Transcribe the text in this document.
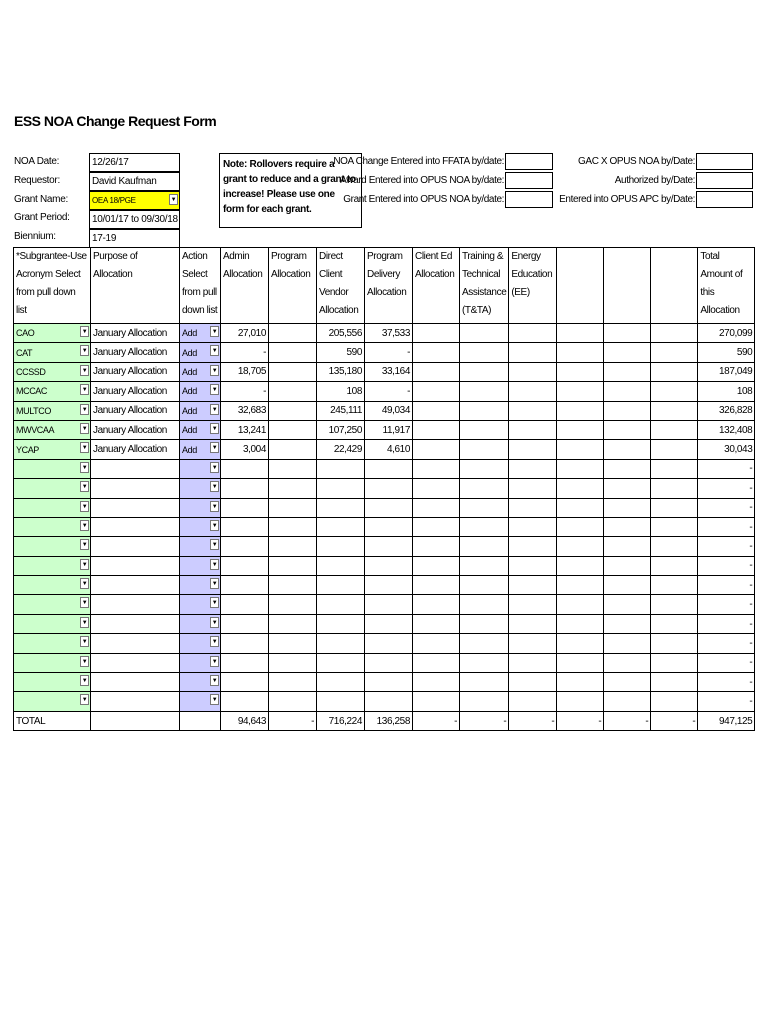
ESS NOA Change Request Form
NOA Date:	12/26/17
Requestor:	David Kaufman
Grant Name:	OEA 18/PGE	▼
Grant Period:	10/01/17 to 09/30/18
Biennium:	17-19
Note: Rollovers require a grant to reduce and a grant to increase! Please use one form for each grant.
NOA Change Entered into FFATA by/date:
Award Entered into OPUS NOA by/date:
Grant Entered into OPUS NOA by/date:
GAC X OPUS NOA by/Date:
Authorized by/Date:
Entered into OPUS APC by/Date:
*Subgrantee-Use Acronym Select from pull down list	Purpose of Allocation	Action Select from pull down list	Admin Allocation	Program Allocation	Direct Client Vendor Allocation	Program Delivery Allocation	Client Ed Allocation	Training & Technical Assistance (T&TA)	Energy Education (EE)				Total Amount of this Allocation
CAO ▼	January Allocation	Add ▼	27,010		205,556	37,533							270,099
CAT ▼	January Allocation	Add ▼	-		590	-							590
CCSSD ▼	January Allocation	Add ▼	18,705		135,180	33,164							187,049
MCCAC ▼	January Allocation	Add ▼	-		108	-							108
MULTCO ▼	January Allocation	Add ▼	32,683		245,111	49,034							326,828
MWVCAA ▼	January Allocation	Add ▼	13,241		107,250	11,917							132,408
YCAP ▼	January Allocation	Add ▼	3,004		22,429	4,610							30,043

▼		▼											-

▼		▼											-

▼		▼											-

▼		▼											-

▼		▼											-

▼		▼											-

▼		▼											-

▼		▼											-

▼		▼											-

▼		▼											-

▼		▼											-

▼		▼											-

▼		▼											-
TOTAL			94,643	-	716,224	136,258	-	-	-	-	-	-	947,125
